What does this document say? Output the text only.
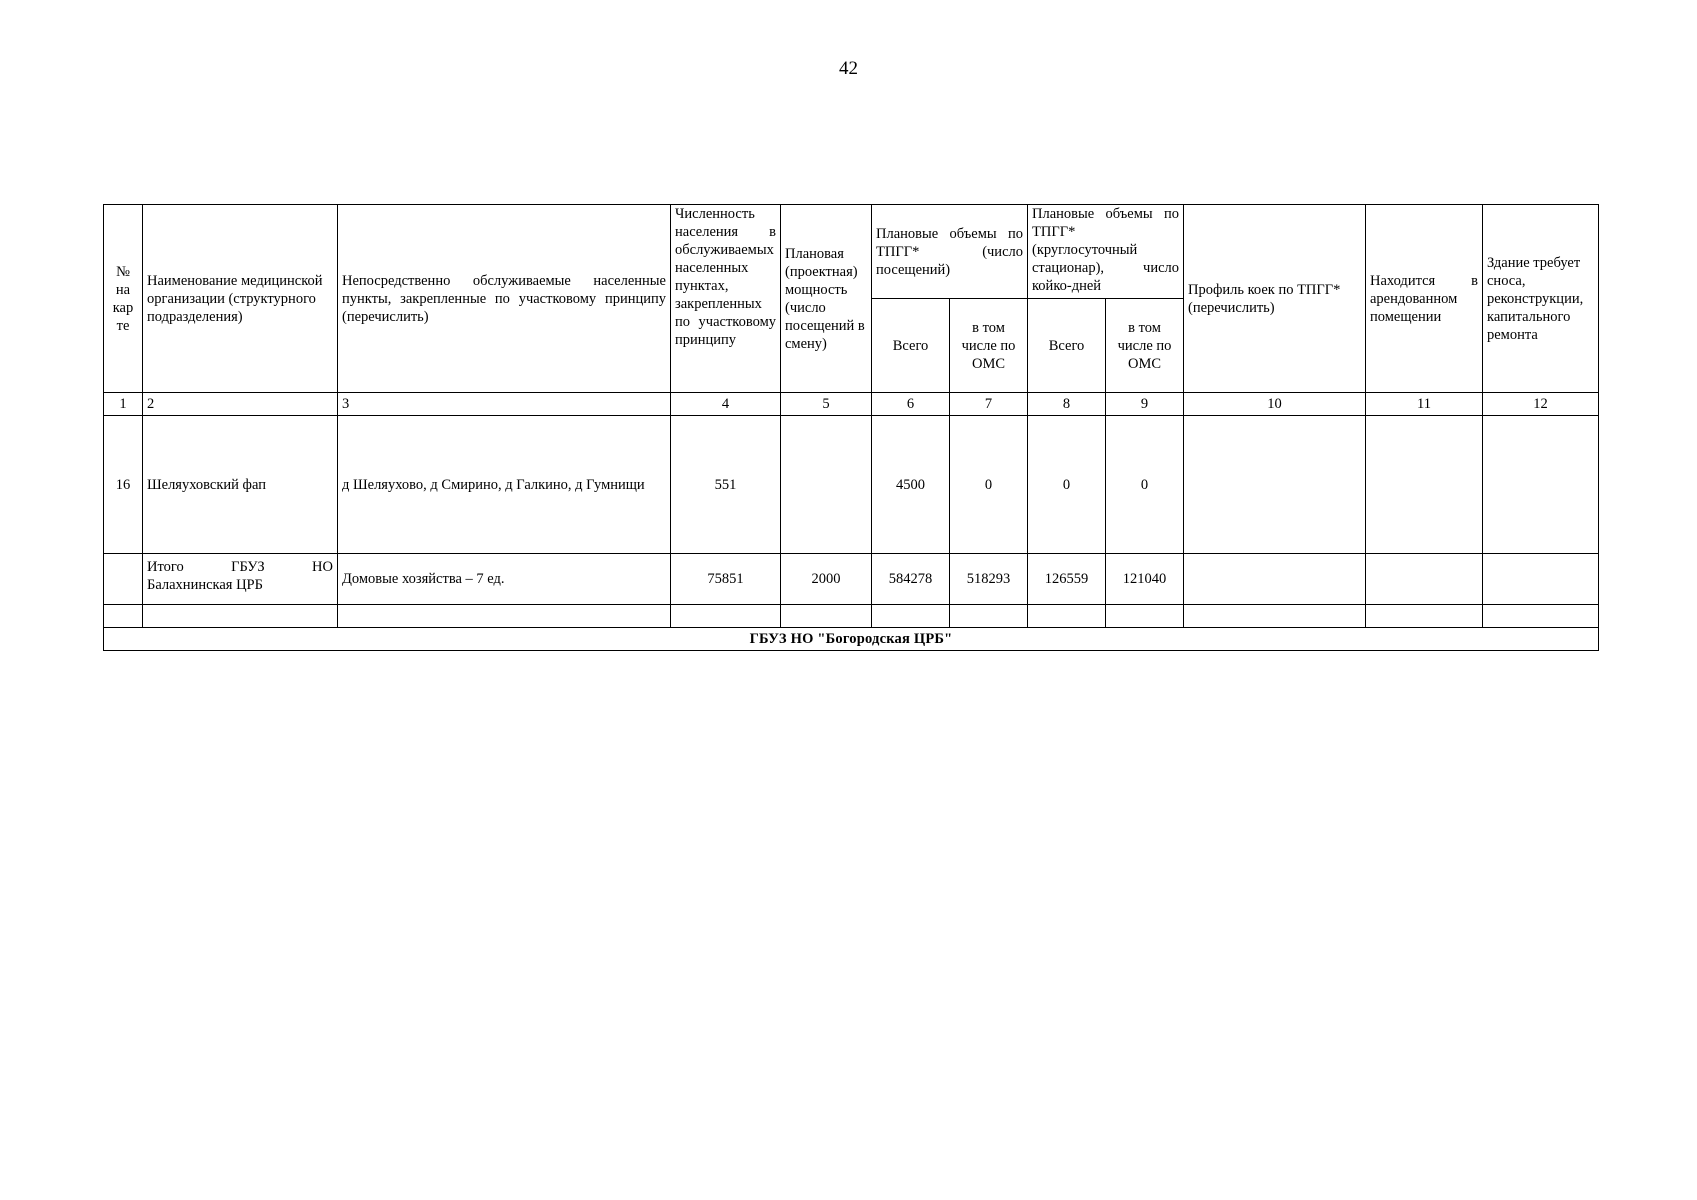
42
№ на кар те	Наименование медицинской организации (структурного подразделения)	Непосредственно обслуживаемые населенные пункты, закрепленные по участковому принципу (перечислить)	Численность населения в обслуживаемых населенных пунктах, закрепленных по участковому принципу	Плановая (проектная) мощность (число посещений в смену)	Плановые объемы по ТПГГ* (число посещений)		Плановые объемы по ТПГГ* (круглосуточный стационар), число койко-дней		Профиль коек по ТПГГ* (перечислить)	Находится в арендованном помещении	Здание требует сноса, реконструкции, капитального ремонта
					Всего	в том числе по ОМС	Всего	в том числе по ОМС			
1	2	3	4	5	6	7	8	9	10	11	12
16	Шеляуховский фап	д Шеляухово, д Смирино, д Галкино, д Гумнищи	551		4500	0	0	0			
	Итого ГБУЗ НО Балахнинская ЦРБ	Домовые хозяйства – 7 ед.	75851	2000	584278	518293	126559	121040			

ГБУЗ НО "Богородская ЦРБ"											
